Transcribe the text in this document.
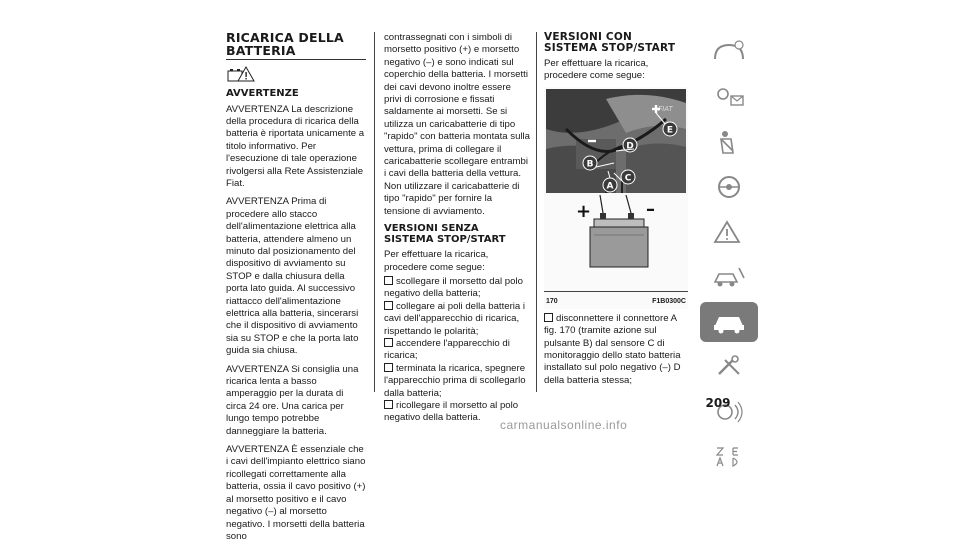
RICARICA DELLA BATTERIA
AVVERTENZE

AVVERTENZA La descrizione della procedura di ricarica della batteria è riportata unicamente a titolo informativo. Per l'esecuzione di tale operazione rivolgersi alla Rete Assistenziale Fiat.

AVVERTENZA Prima di procedere allo stacco dell'alimentazione elettrica alla batteria, attendere almeno un minuto dal posizionamento del dispositivo di avviamento su STOP e dalla chiusura della porta lato guida. Al successivo riattacco dell'alimentazione elettrica alla batteria, sincerarsi che il dispositivo di avviamento sia su STOP e che la porta lato guida sia chiusa.

AVVERTENZA Si consiglia una ricarica lenta a basso amperaggio per la durata di circa 24 ore. Una carica per lungo tempo potrebbe danneggiare la batteria.

AVVERTENZA È essenziale che i cavi dell'impianto elettrico siano ricollegati correttamente alla batteria, ossia il cavo positivo (+) al morsetto positivo e il cavo negativo (–) al morsetto negativo. I morsetti della batteria sono

contrassegnati con i simboli di morsetto positivo (+) e morsetto negativo (–) e sono indicati sul coperchio della batteria. I morsetti dei cavi devono inoltre essere privi di corrosione e fissati saldamente ai morsetti. Se si utilizza un caricabatterie di tipo "rapido" con batteria montata sulla vettura, prima di collegare il caricabatterie scollegare entrambi i cavi della batteria della vettura. Non utilizzare il caricabatterie di tipo "rapido" per fornire la tensione di avviamento.

VERSIONI SENZA SISTEMA STOP/START

Per effettuare la ricarica, procedere come segue:

scollegare il morsetto dal polo negativo della batteria;
collegare ai poli della batteria i cavi dell'apparecchio di ricarica, rispettando le polarità;
accendere l'apparecchio di ricarica;
terminata la ricarica, spegnere l'apparecchio prima di scollegarlo dalla batteria;
ricollegare il morsetto al polo negativo della batteria.
VERSIONI CON SISTEMA STOP/START

Per effettuare la ricarica, procedere come segue:

FIAT
E
D
B
C
A
+	–
170	F1B0300C
disconnettere il connettore A fig. 170 (tramite azione sul pulsante B) dal sensore C di monitoraggio dello stato batteria installato sul polo negativo (–) D della batteria stessa;
209
carmanualsonline.info
